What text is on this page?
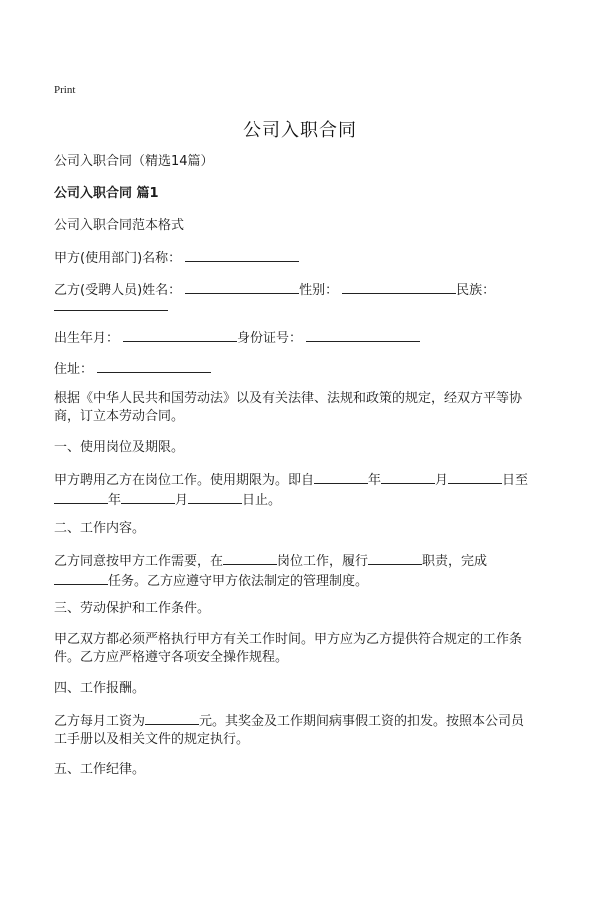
Print
公司入职合同
公司入职合同（精选14篇）
公司入职合同 篇1
公司入职合同范本格式
甲方(使用部门)名称：
乙方(受聘人员)姓名：	性别：	民族：
出生年月：	身份证号：
住址：
根据《中华人民共和国劳动法》以及有关法律、法规和政策的规定，经双方平等协
商，订立本劳动合同。
一、使用岗位及期限。
甲方聘用乙方在岗位工作。使用期限为。即自	年	月	日至
年	月	日止。
二、工作内容。
乙方同意按甲方工作需要，在	岗位工作，履行	职责，完成
任务。乙方应遵守甲方依法制定的管理制度。
三、劳动保护和工作条件。
甲乙双方都必须严格执行甲方有关工作时间。甲方应为乙方提供符合规定的工作条
件。乙方应严格遵守各项安全操作规程。
四、工作报酬。
乙方每月工资为	元。其奖金及工作期间病事假工资的扣发。按照本公司员
工手册以及相关文件的规定执行。
五、工作纪律。
